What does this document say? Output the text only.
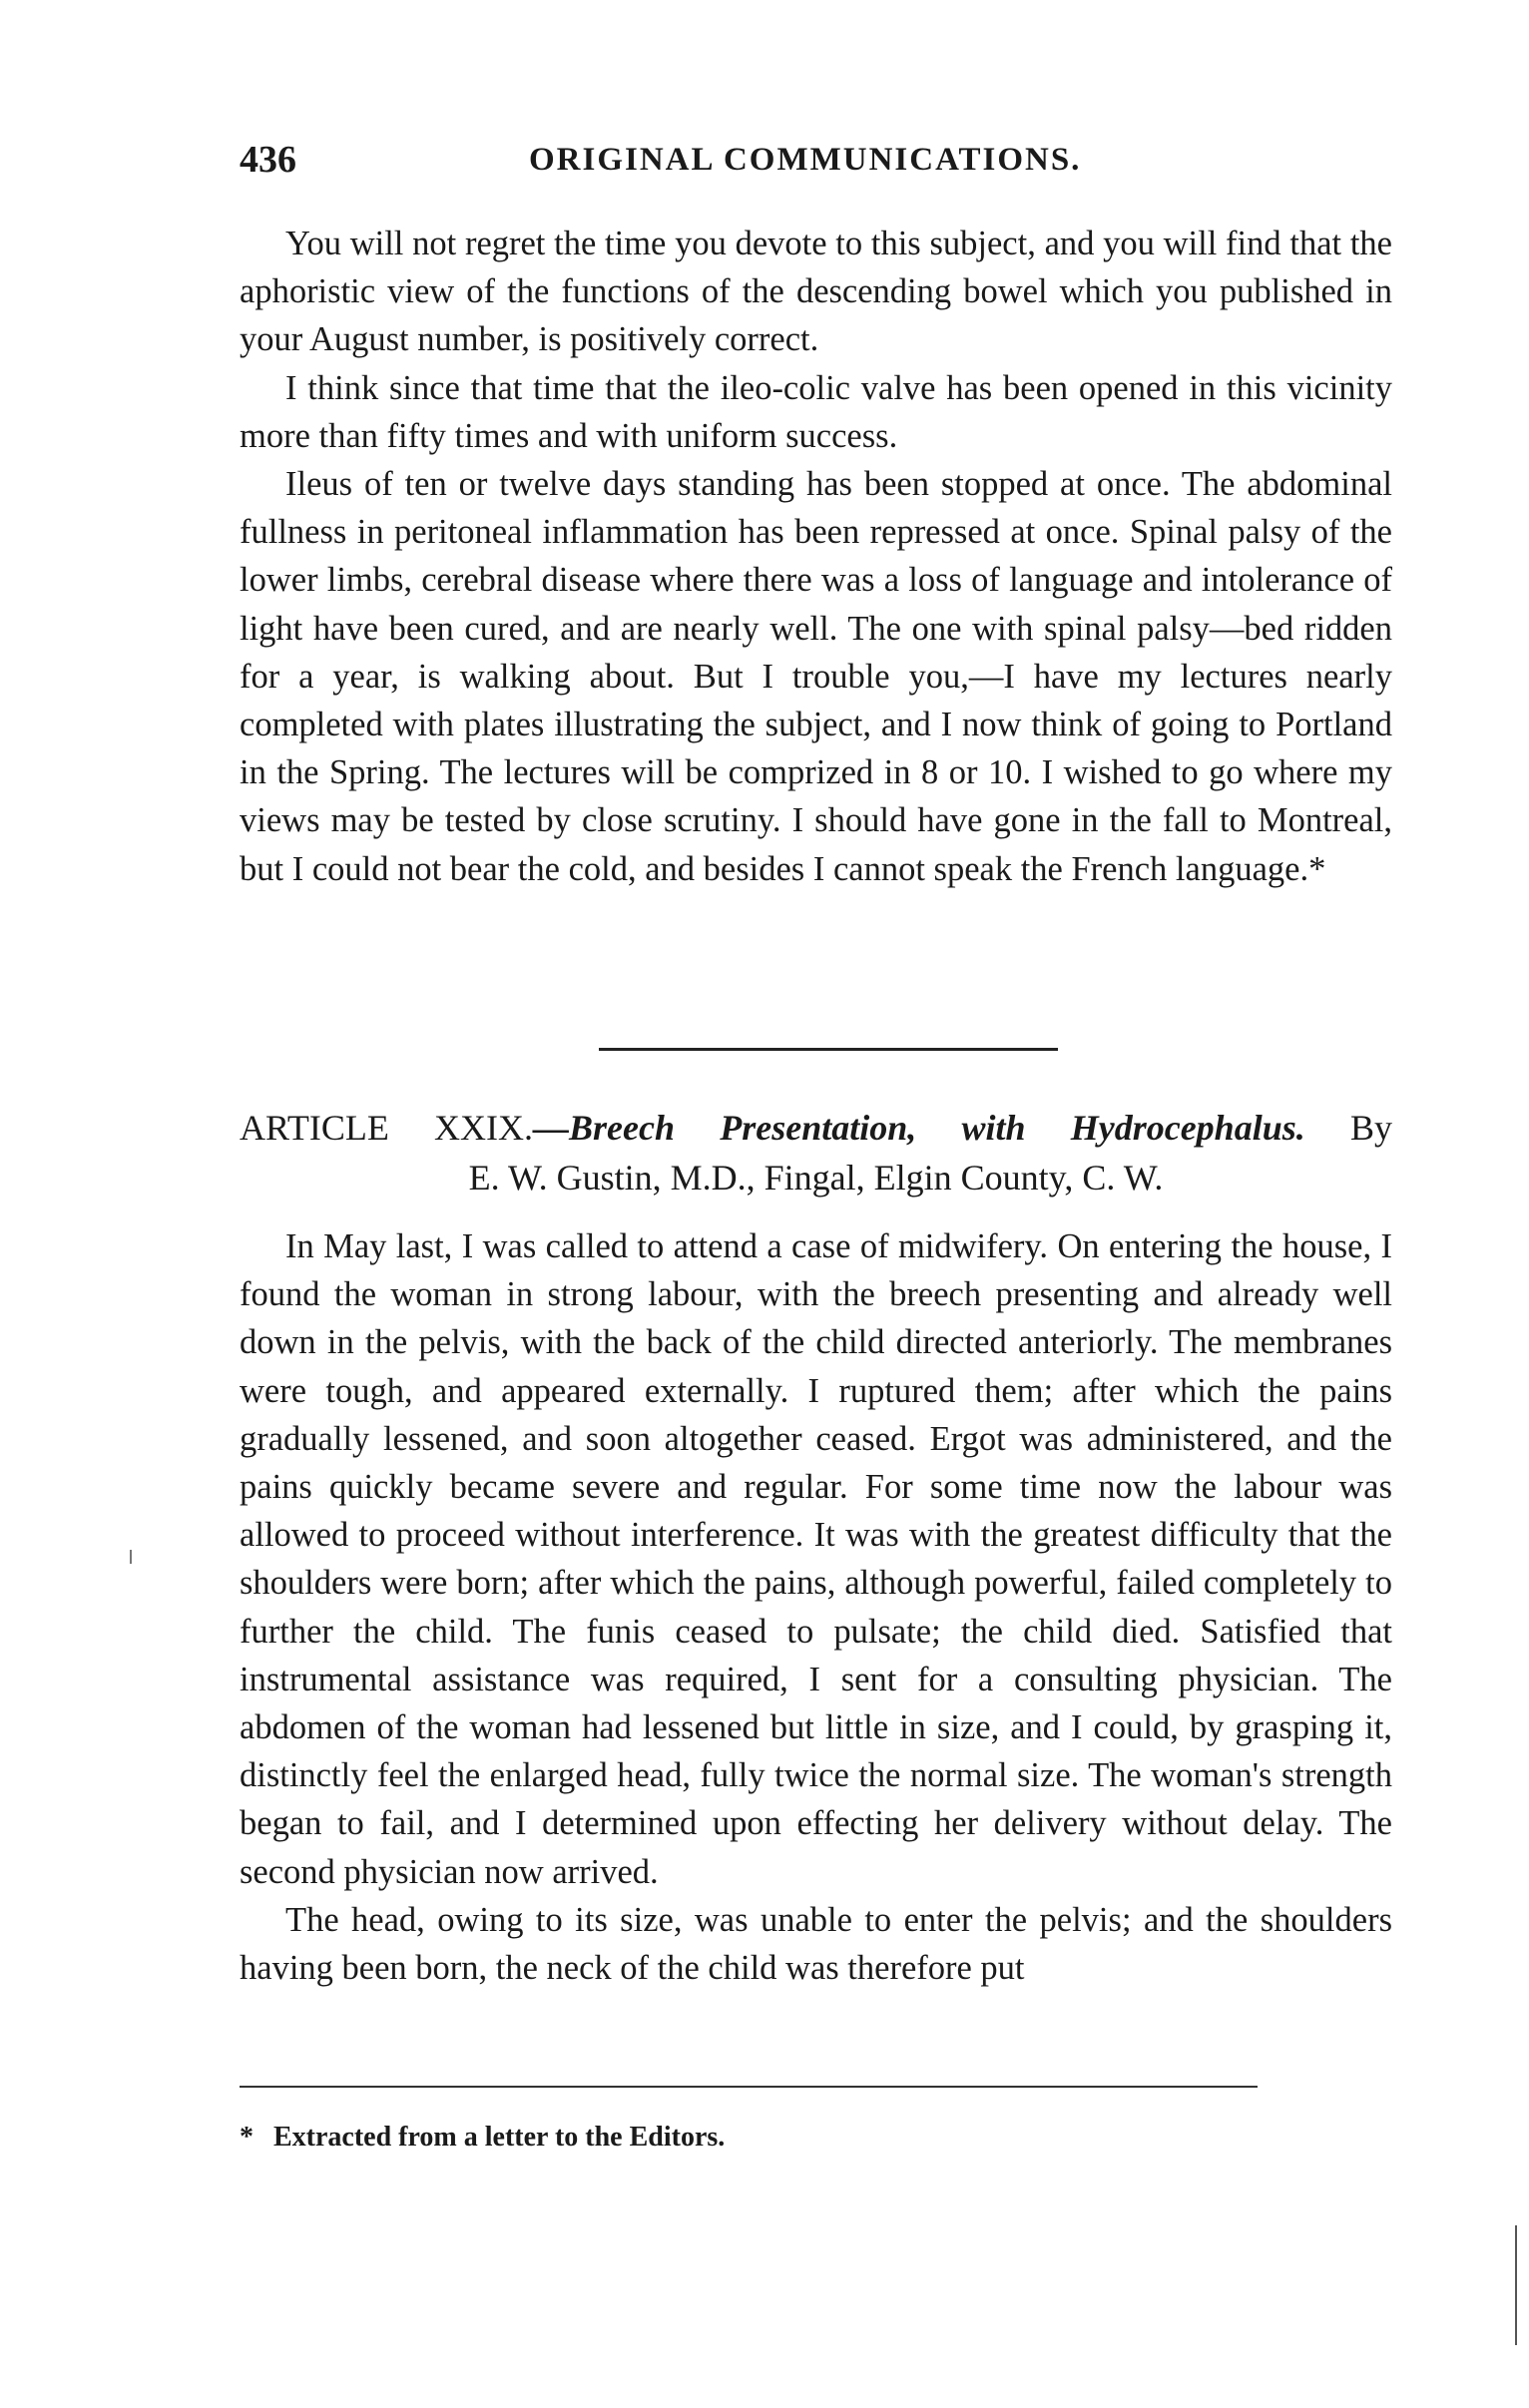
436	ORIGINAL COMMUNICATIONS.

You will not regret the time you devote to this subject, and you will find that the aphoristic view of the functions of the descending bowel which you published in your August number, is positively correct.

I think since that time that the ileo-colic valve has been opened in this vicinity more than fifty times and with uniform success.

Ileus of ten or twelve days standing has been stopped at once. The abdominal fullness in peritoneal inflammation has been repressed at once. Spinal palsy of the lower limbs, cerebral disease where there was a loss of language and intolerance of light have been cured, and are nearly well. The one with spinal palsy—bed ridden for a year, is walking about. But I trouble you,—I have my lectures nearly completed with plates illustrating the subject, and I now think of going to Portland in the Spring. The lectures will be comprized in 8 or 10. I wished to go where my views may be tested by close scrutiny. I should have gone in the fall to Montreal, but I could not bear the cold, and besides I cannot speak the French language.*

ARTICLE XXIX.—Breech Presentation, with Hydrocephalus. By
E. W. Gustin, M.D., Fingal, Elgin County, C. W.

In May last, I was called to attend a case of midwifery. On entering the house, I found the woman in strong labour, with the breech presenting and already well down in the pelvis, with the back of the child directed anteriorly. The membranes were tough, and appeared externally. I ruptured them; after which the pains gradually lessened, and soon altogether ceased. Ergot was administered, and the pains quickly became severe and regular. For some time now the labour was allowed to proceed without interference. It was with the greatest difficulty that the shoulders were born; after which the pains, although powerful, failed completely to further the child. The funis ceased to pulsate; the child died. Satisfied that instrumental assistance was required, I sent for a consulting physician. The abdomen of the woman had lessened but little in size, and I could, by grasping it, distinctly feel the enlarged head, fully twice the normal size. The woman's strength began to fail, and I determined upon effecting her delivery without delay. The second physician now arrived.

The head, owing to its size, was unable to enter the pelvis; and the shoulders having been born, the neck of the child was therefore put

* Extracted from a letter to the Editors.
